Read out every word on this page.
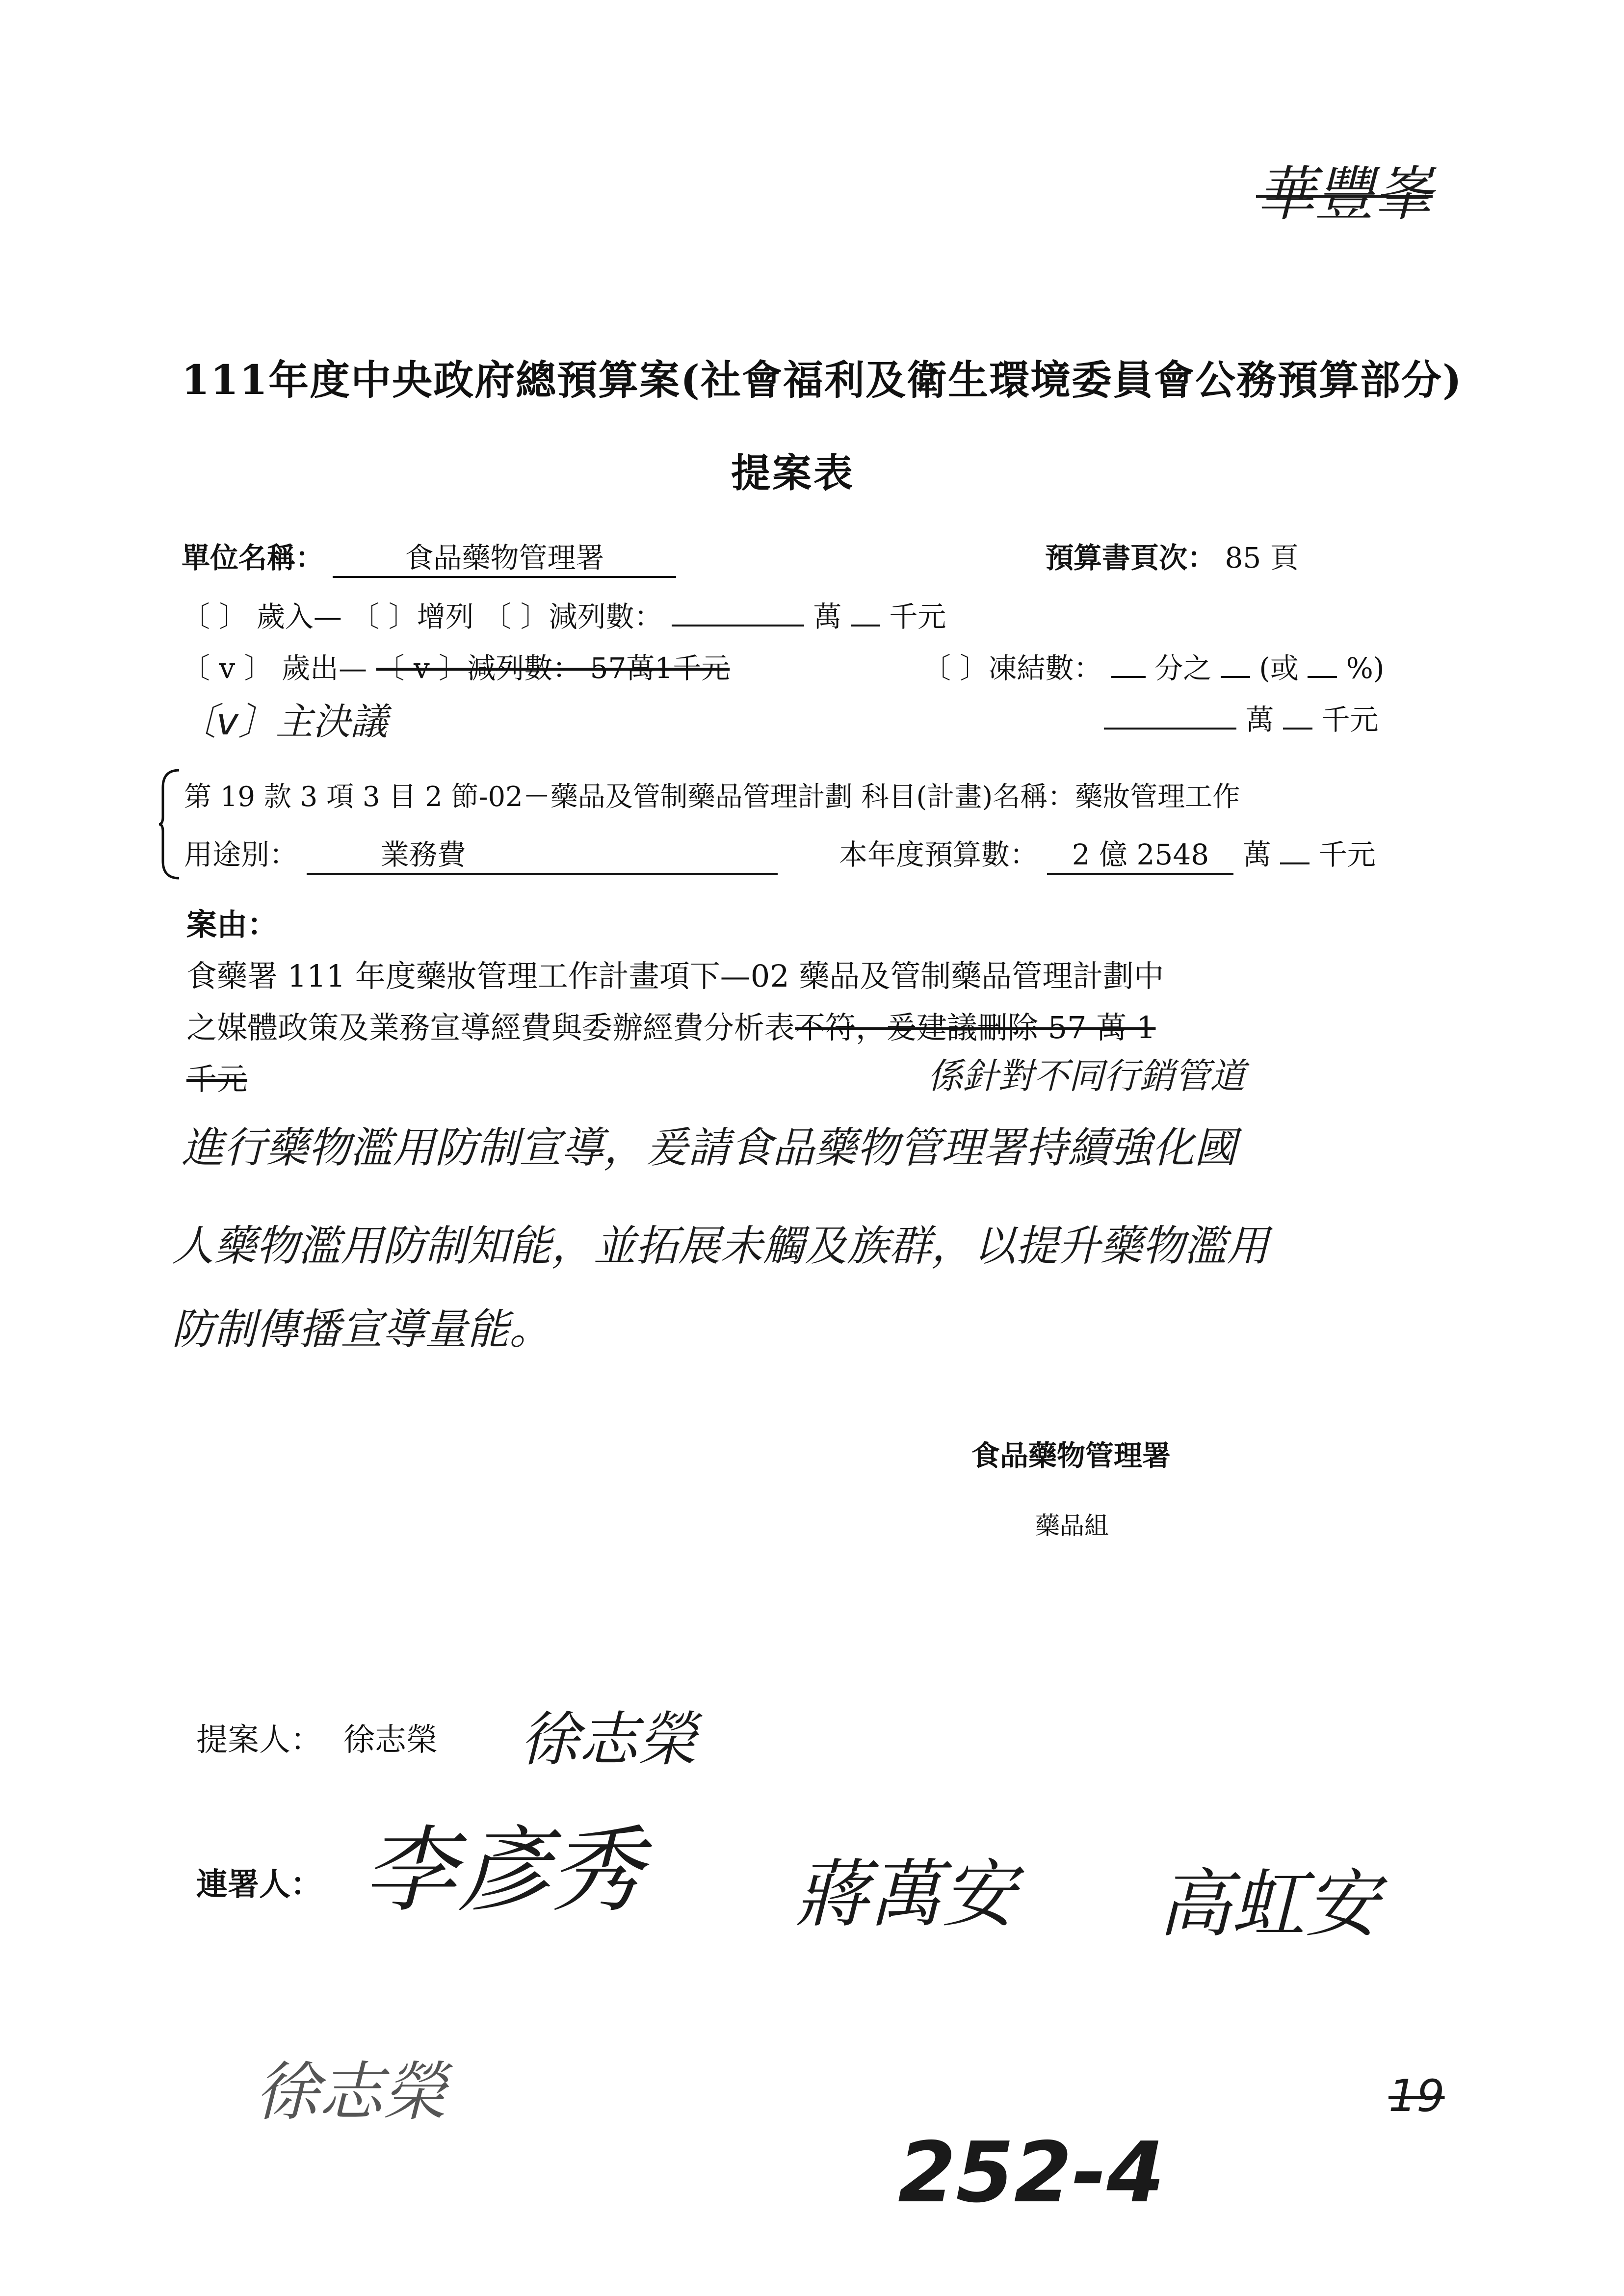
華豐峯
111年度中央政府總預算案(社會福利及衛生環境委員會公務預算部分)
提案表
單位名稱：	食品藥物管理署	預算書頁次： 85 頁
〔 〕 歲入— 〔 〕增列 〔 〕減列數：	萬 千元
〔 v 〕 歲出— 〔 v 〕減列數： 57萬1千元	〔 〕凍結數： 分之 (或 %)
〔v〕主決議	萬 千元
第 19 款 3 項 3 目 2 節-02－藥品及管制藥品管理計劃 科目(計畫)名稱：藥妝管理工作
用途別：	業務費	本年度預算數： 2 億 2548 萬 千元
案由：
食藥署 111 年度藥妝管理工作計畫項下—02 藥品及管制藥品管理計劃中
之媒體政策及業務宣導經費與委辦經費分析表不符，爰建議刪除 57 萬 1
千元	係針對不同行銷管道
進行藥物濫用防制宣導，爰請食品藥物管理署持續強化國
人藥物濫用防制知能，並拓展未觸及族群，以提升藥物濫用
防制傳播宣導量能。
食品藥物管理署
藥品組
提案人： 徐志榮 徐志榮
連署人： 李彥秀 蔣萬安 高虹安
徐志榮
252-4
19
